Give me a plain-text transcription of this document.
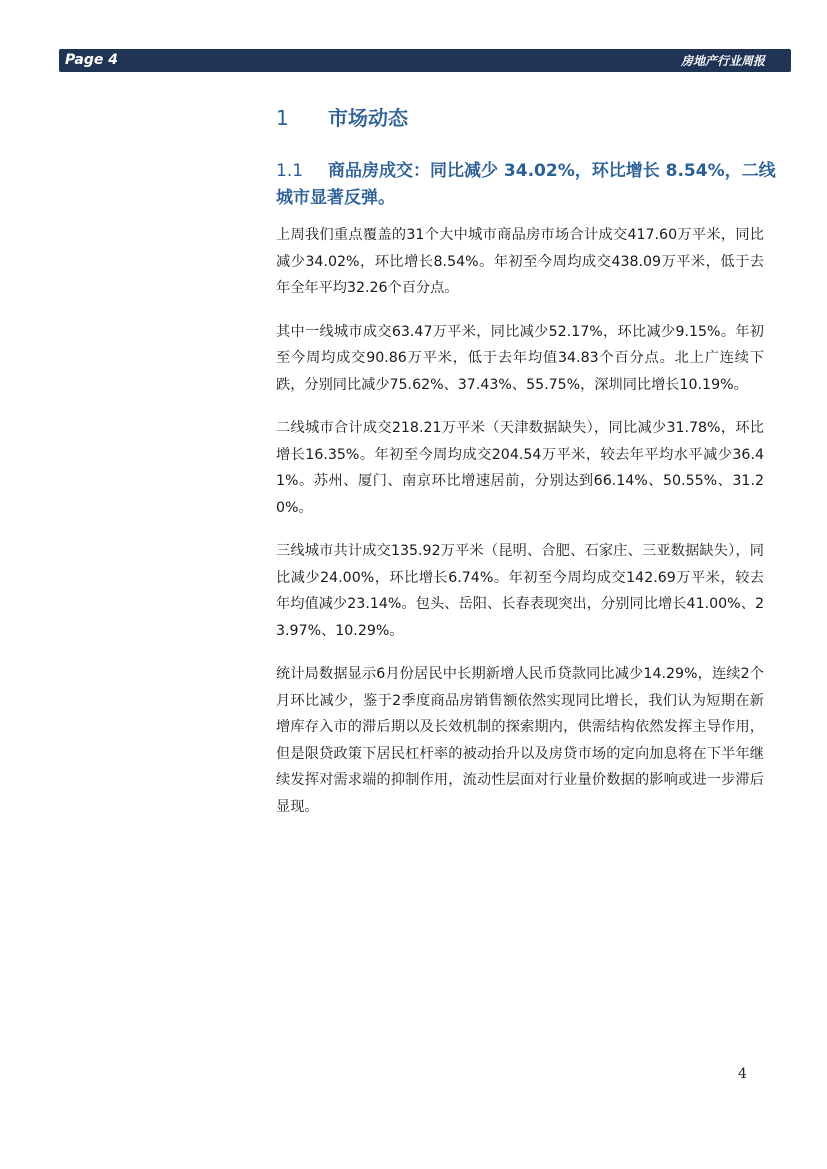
Page 4	房地产行业周报
1 市场动态
1.1 商品房成交：同比减少 34.02%，环比增长 8.54%，二线城市显著反弹。

上周我们重点覆盖的31个大中城市商品房市场合计成交417.60万平米，同比减少34.02%，环比增长8.54%。年初至今周均成交438.09万平米，低于去年全年平均32.26个百分点。

其中一线城市成交63.47万平米，同比减少52.17%，环比减少9.15%。年初至今周均成交90.86万平米，低于去年均值34.83个百分点。北上广连续下跌，分别同比减少75.62%、37.43%、55.75%，深圳同比增长10.19%。

二线城市合计成交218.21万平米（天津数据缺失），同比减少31.78%，环比增长16.35%。年初至今周均成交204.54万平米，较去年平均水平减少36.41%。苏州、厦门、南京环比增速居前，分别达到66.14%、50.55%、31.20%。

三线城市共计成交135.92万平米（昆明、合肥、石家庄、三亚数据缺失），同比减少24.00%，环比增长6.74%。年初至今周均成交142.69万平米，较去年均值减少23.14%。包头、岳阳、长春表现突出，分别同比增长41.00%、23.97%、10.29%。

统计局数据显示6月份居民中长期新增人民币贷款同比减少14.29%，连续2个月环比减少，鉴于2季度商品房销售额依然实现同比增长，我们认为短期在新增库存入市的滞后期以及长效机制的探索期内，供需结构依然发挥主导作用，但是限贷政策下居民杠杆率的被动抬升以及房贷市场的定向加息将在下半年继续发挥对需求端的抑制作用，流动性层面对行业量价数据的影响或进一步滞后显现。

4
